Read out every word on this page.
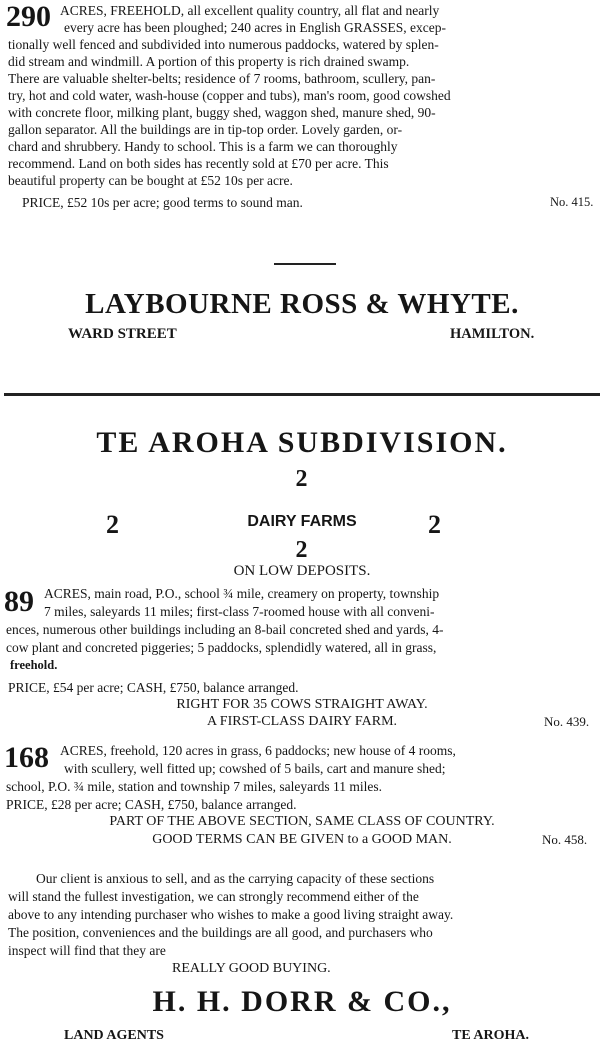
290 ACRES, FREEHOLD, all excellent quality country, all flat and nearly
every acre has been ploughed; 240 acres in English GRASSES, excep-
tionally well fenced and subdivided into numerous paddocks, watered by splen-
did stream and windmill. A portion of this property is rich drained swamp.
There are valuable shelter-belts; residence of 7 rooms, bathroom, scullery, pan-
try, hot and cold water, wash-house (copper and tubs), man's room, good cowshed
with concrete floor, milking plant, buggy shed, waggon shed, manure shed, 90-
gallon separator. All the buildings are in tip-top order. Lovely garden, or-
chard and shrubbery. Handy to school. This is a farm we can thoroughly
recommend. Land on both sides has recently sold at £70 per acre. This
beautiful property can be bought at £52 10s per acre.
PRICE, £52 10s per acre; good terms to sound man.	No. 415.
LAYBOURNE ROSS & WHYTE.
WARD STREET	HAMILTON.
TE AROHA SUBDIVISION.
2
2	DAIRY FARMS	2
2
ON LOW DEPOSITS.
89 ACRES, main road, P.O., school ¾ mile, creamery on property, township
7 miles, saleyards 11 miles; first-class 7-roomed house with all conveni-
ences, numerous other buildings including an 8-bail concreted shed and yards, 4-
cow plant and concreted piggeries; 5 paddocks, splendidly watered, all in grass,
freehold.
PRICE, £54 per acre; CASH, £750, balance arranged.
RIGHT FOR 35 COWS STRAIGHT AWAY.
A FIRST-CLASS DAIRY FARM.	No. 439.
168 ACRES, freehold, 120 acres in grass, 6 paddocks; new house of 4 rooms,
with scullery, well fitted up; cowshed of 5 bails, cart and manure shed;
school, P.O. ¾ mile, station and township 7 miles, saleyards 11 miles.
PRICE, £28 per acre; CASH, £750, balance arranged.
PART OF THE ABOVE SECTION, SAME CLASS OF COUNTRY.
GOOD TERMS CAN BE GIVEN to a GOOD MAN.	No. 458.
Our client is anxious to sell, and as the carrying capacity of these sections
will stand the fullest investigation, we can strongly recommend either of the
above to any intending purchaser who wishes to make a good living straight away.
The position, conveniences and the buildings are all good, and purchasers who
inspect will find that they are
REALLY GOOD BUYING.
H. H. DORR & CO.,
LAND AGENTS	TE AROHA.
